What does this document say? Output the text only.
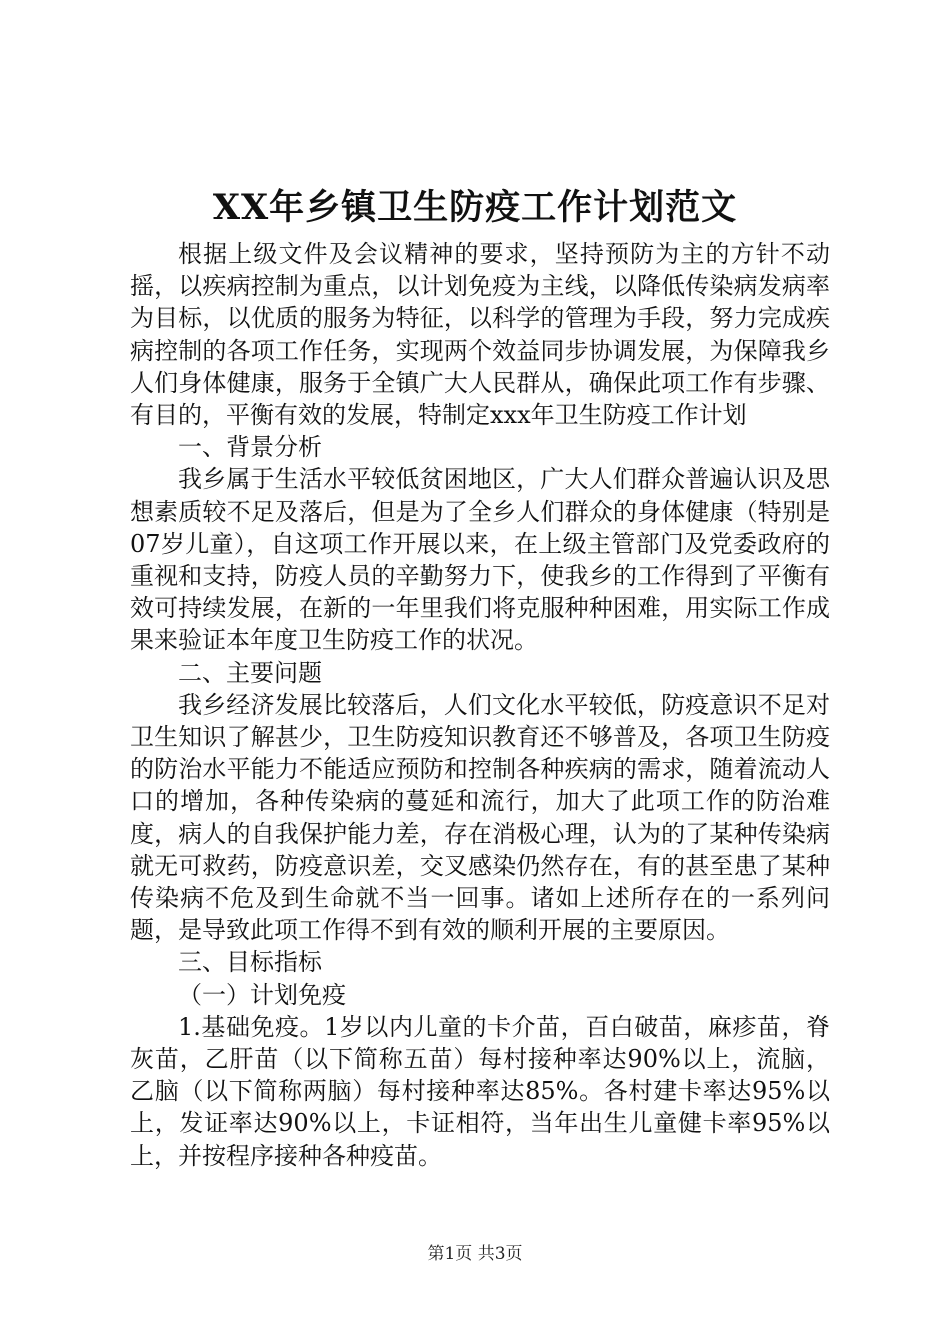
XX年乡镇卫生防疫工作计划范文

根据上级文件及会议精神的要求，坚持预防为主的方针不动摇，以疾病控制为重点，以计划免疫为主线，以降低传染病发病率为目标，以优质的服务为特征，以科学的管理为手段，努力完成疾病控制的各项工作任务，实现两个效益同步协调发展，为保障我乡人们身体健康，服务于全镇广大人民群从，确保此项工作有步骤、有目的，平衡有效的发展，特制定xxx年卫生防疫工作计划

一、背景分析

我乡属于生活水平较低贫困地区，广大人们群众普遍认识及思想素质较不足及落后，但是为了全乡人们群众的身体健康（特别是07岁儿童），自这项工作开展以来，在上级主管部门及党委政府的重视和支持，防疫人员的辛勤努力下，使我乡的工作得到了平衡有效可持续发展，在新的一年里我们将克服种种困难，用实际工作成果来验证本年度卫生防疫工作的状况。

二、主要问题

我乡经济发展比较落后，人们文化水平较低，防疫意识不足对卫生知识了解甚少，卫生防疫知识教育还不够普及，各项卫生防疫的防治水平能力不能适应预防和控制各种疾病的需求，随着流动人口的增加，各种传染病的蔓延和流行，加大了此项工作的防治难度，病人的自我保护能力差，存在消极心理，认为的了某种传染病就无可救药，防疫意识差，交叉感染仍然存在，有的甚至患了某种传染病不危及到生命就不当一回事。诸如上述所存在的一系列问题，是导致此项工作得不到有效的顺利开展的主要原因。

三、目标指标

（一）计划免疫

1.基础免疫。1岁以内儿童的卡介苗，百白破苗，麻疹苗，脊灰苗，乙肝苗（以下简称五苗）每村接种率达90%以上，流脑，乙脑（以下简称两脑）每村接种率达85%。各村建卡率达95%以上，发证率达90%以上，卡证相符，当年出生儿童健卡率95%以上，并按程序接种各种疫苗。

第1页 共3页
